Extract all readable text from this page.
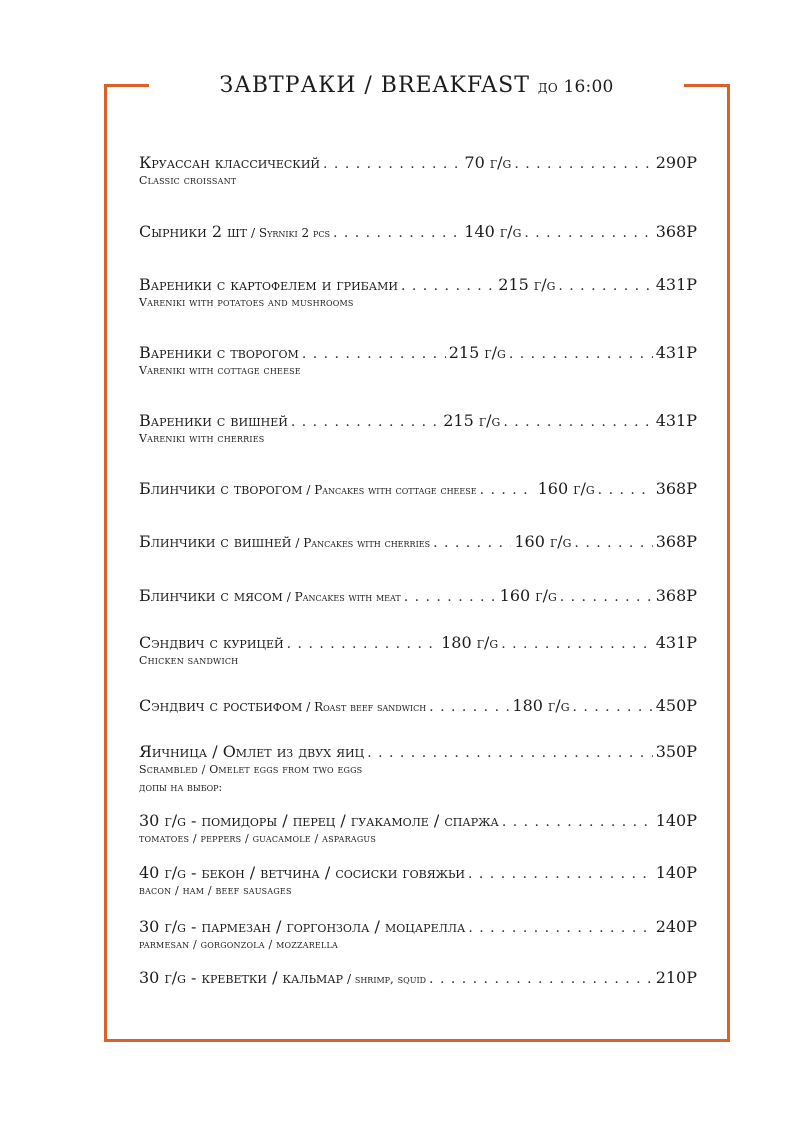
ЗАВТРАКИ / BREAKFAST до 16:00
Круассан классический . . .	70 г/g . . .	290Р
Classic croissant
Сырники 2 шт / Syrniki 2 pcs . . .	140 г/g . . .	368Р
Вареники с картофелем и грибами . . .	215 г/g . . .	431Р
Vareniki with potatoes and mushrooms
Вареники с творогом . . .	215 г/g . . .	431Р
Vareniki with cottage cheese
Вареники с вишней . . .	215 г/g . . .	431Р
Vareniki with cherries
Блинчики с творогом / Pancakes with cottage cheese . . .	160 г/g . . .	368Р
Блинчики с вишней / Pancakes with cherries . . .	160 г/g . . .	368Р
Блинчики с мясом / Pancakes with meat . . .	160 г/g . . .	368Р
Сэндвич с курицей . . .	180 г/g . . .	431Р
Chicken sandwich
Сэндвич с ростбифом / Roast beef sandwich . . .	180 г/g . . .	450Р
Яичница / Омлет из двух яиц . . .	350Р
Scrambled / Omelet eggs from two eggs
допы на выбор:
30 г/g - помидоры / перец / гуакамоле / спаржа . . .	140Р
tomatoes / peppers / guacamole / asparagus
40 г/g - бекон / ветчина / сосиски говяжьи . . .	140Р
bacon / ham / beef sausages
30 г/g - пармезан / горгонзола / моцарелла . . .	240Р
parmesan / gorgonzola / mozzarella
30 г/g - креветки / кальмар / shrimp, squid . . .	210Р
